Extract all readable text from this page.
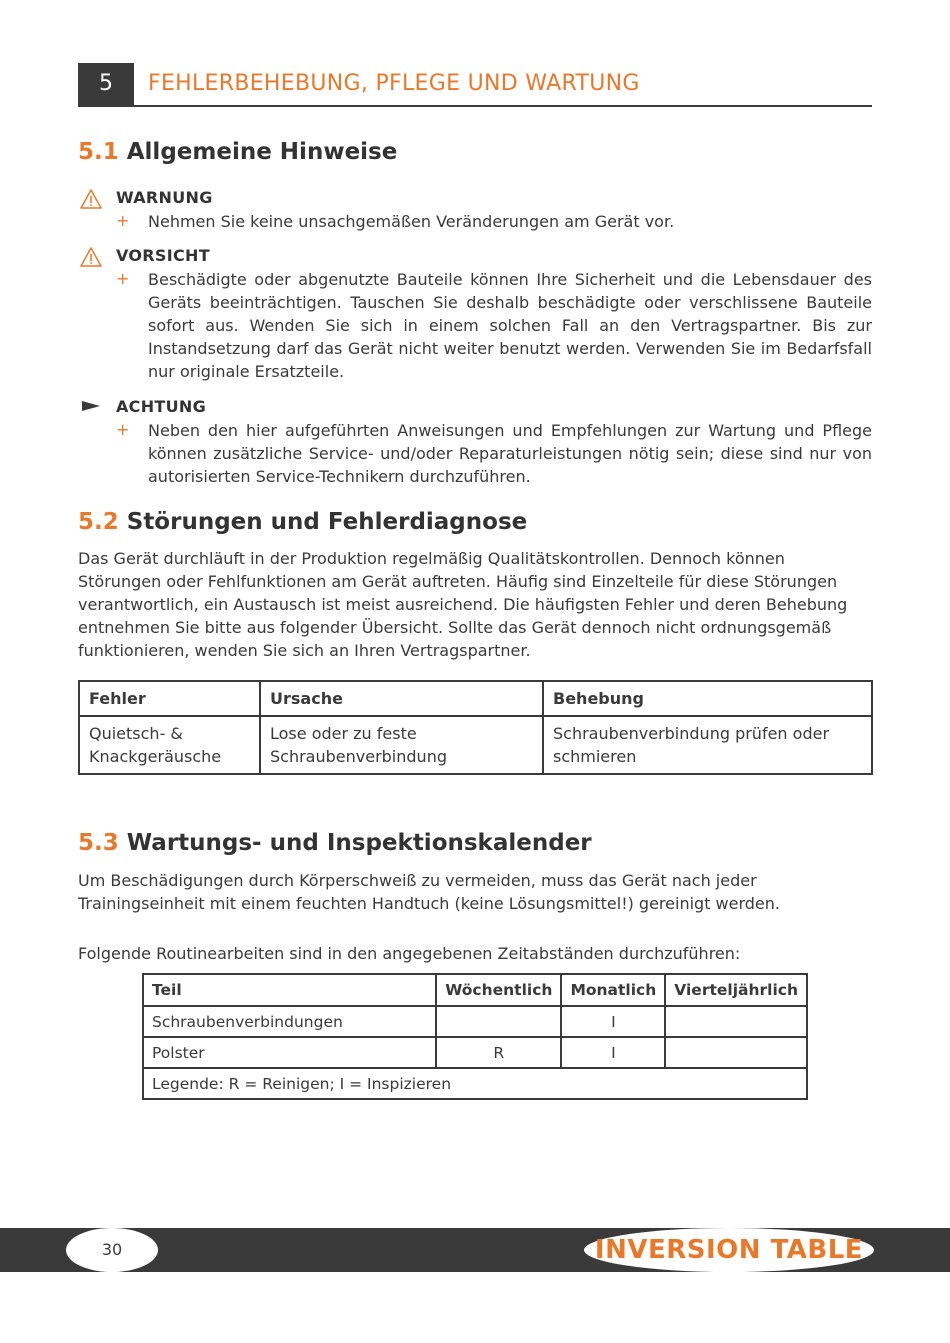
5	FEHLERBEHEBUNG, PFLEGE UND WARTUNG
5.1 Allgemeine Hinweise
WARNUNG
+ Nehmen Sie keine unsachgemäßen Veränderungen am Gerät vor.
VORSICHT
+ Beschädigte oder abgenutzte Bauteile können Ihre Sicherheit und die Lebensdauer des Geräts beeinträchtigen. Tauschen Sie deshalb beschädigte oder verschlissene Bauteile sofort aus. Wenden Sie sich in einem solchen Fall an den Vertragspartner. Bis zur Instandsetzung darf das Gerät nicht weiter benutzt werden. Verwenden Sie im Bedarfsfall nur originale Ersatzteile.
ACHTUNG
+ Neben den hier aufgeführten Anweisungen und Empfehlungen zur Wartung und Pflege können zusätzliche Service- und/oder Reparaturleistungen nötig sein; diese sind nur von autorisierten Service-Technikern durchzuführen.
5.2 Störungen und Fehlerdiagnose
Das Gerät durchläuft in der Produktion regelmäßig Qualitätskontrollen. Dennoch können Störungen oder Fehlfunktionen am Gerät auftreten. Häufig sind Einzelteile für diese Störungen verantwortlich, ein Austausch ist meist ausreichend. Die häufigsten Fehler und deren Behebung entnehmen Sie bitte aus folgender Übersicht. Sollte das Gerät dennoch nicht ordnungsgemäß funktionieren, wenden Sie sich an Ihren Vertragspartner.
Fehler	Ursache	Behebung
Quietsch- & Knackgeräusche	Lose oder zu feste Schraubenverbindung	Schraubenverbindung prüfen oder schmieren
5.3 Wartungs- und Inspektionskalender
Um Beschädigungen durch Körperschweiß zu vermeiden, muss das Gerät nach jeder Trainingseinheit mit einem feuchten Handtuch (keine Lösungsmittel!) gereinigt werden.
Folgende Routinearbeiten sind in den angegebenen Zeitabständen durchzuführen:
Teil	Wöchentlich	Monatlich	Vierteljährlich
Schraubenverbindungen		I	
Polster	R	I	
Legende: R = Reinigen; I = Inspizieren			
30	INVERSION TABLE
